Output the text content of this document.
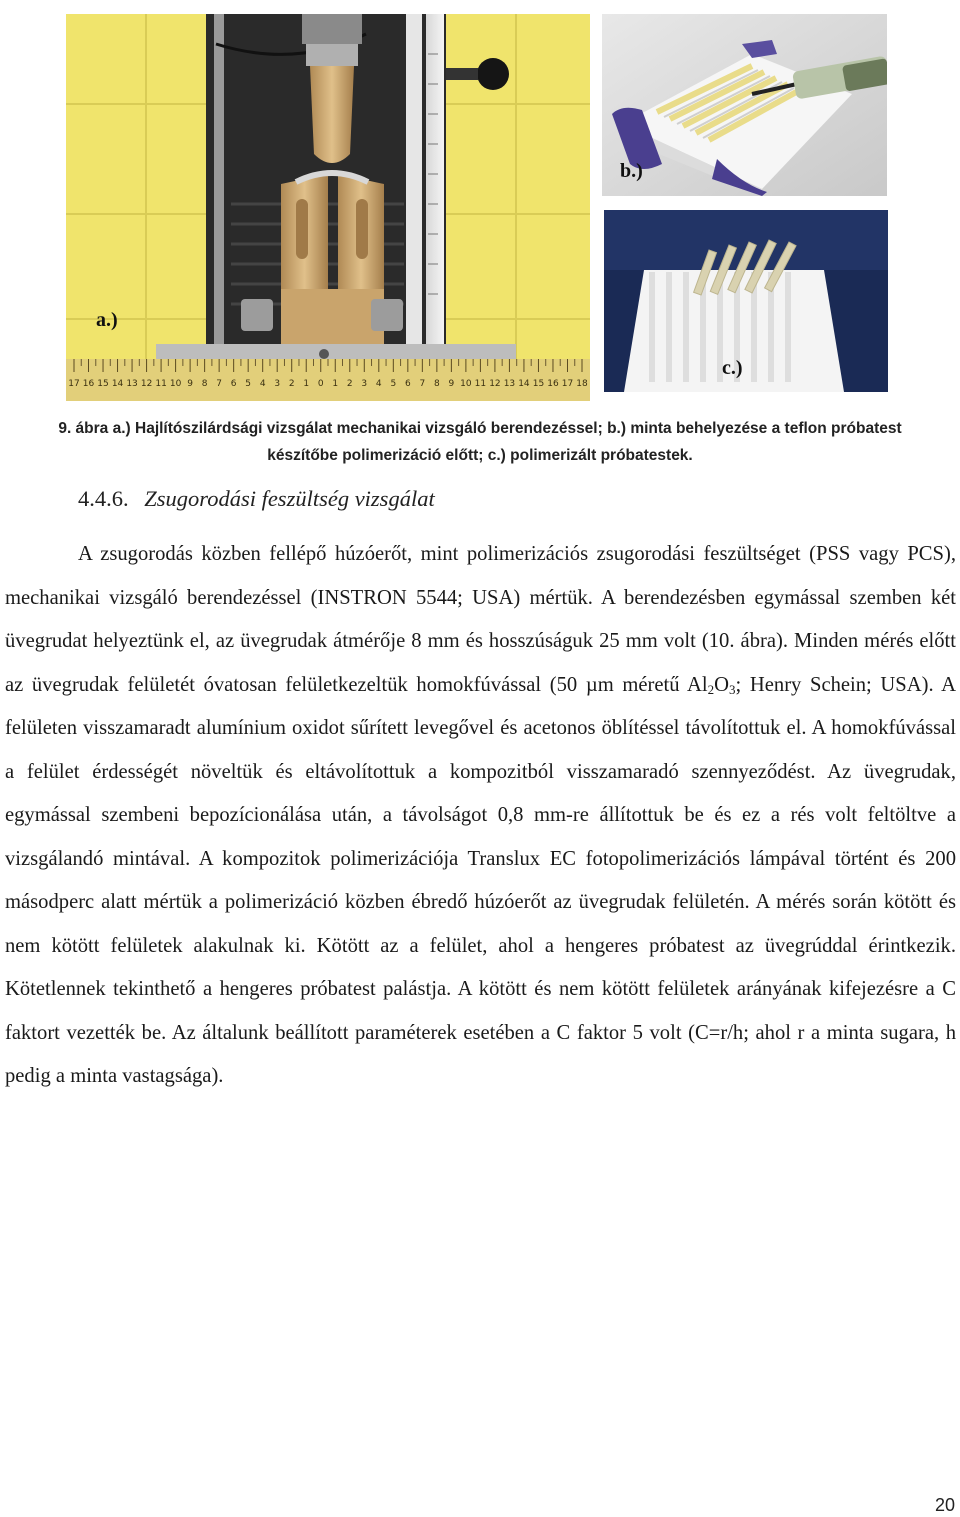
17 16 15 14 13 12 11 10 9 8 7 6 5 4 3 2 1 0 1 2 3 4 5 6 7 8 9 10 11 12 13 14 15 16 17 18
a.)
b.)
c.)
9. ábra a.) Hajlítószilárdsági vizsgálat mechanikai vizsgáló berendezéssel; b.) minta behelyezése a teflon próbatest
készítőbe polimerizáció előtt; c.) polimerizált próbatestek.
4.4.6. Zsugorodási feszültség vizsgálat

A zsugorodás közben fellépő húzóerőt, mint polimerizációs zsugorodási feszültséget (PSS vagy PCS), mechanikai vizsgáló berendezéssel (INSTRON 5544; USA) mértük. A berendezésben egymással szemben két üvegrudat helyeztünk el, az üvegrudak átmérője 8 mm és hosszúságuk 25 mm volt (10. ábra). Minden mérés előtt az üvegrudak felületét óvatosan felületkezeltük homokfúvással (50 µm méretű $Al_2O_3$; Henry Schein; USA). A felületen visszamaradt alumínium oxidot sűrített levegővel és acetonos öblítéssel távolítottuk el. A homokfúvással a felület érdességét növeltük és eltávolítottuk a kompozitból visszamaradó szennyeződést. Az üvegrudak, egymással szembeni bepozícionálása után, a távolságot 0,8 mm-re állítottuk be és ez a rés volt feltöltve a vizsgálandó mintával. A kompozitok polimerizációja Translux EC fotopolimerizációs lámpával történt és 200 másodperc alatt mértük a polimerizáció közben ébredő húzóerőt az üvegrudak felületén. A mérés során kötött és nem kötött felületek alakulnak ki. Kötött az a felület, ahol a hengeres próbatest az üvegrúddal érintkezik. Kötetlennek tekinthető a hengeres próbatest palástja. A kötött és nem kötött felületek arányának kifejezésre a C faktort vezették be. Az általunk beállított paraméterek esetében a C faktor 5 volt (C=r/h; ahol r a minta sugara, h pedig a minta vastagsága).

20
